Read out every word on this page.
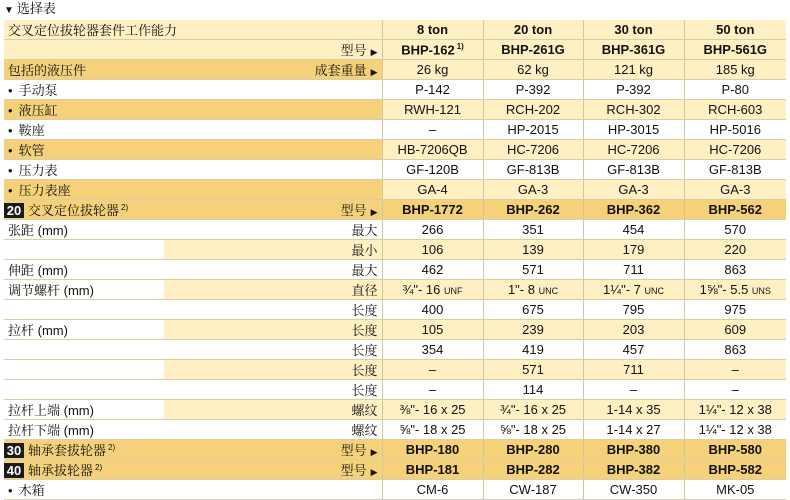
▼ 选择表
交叉定位拔轮器套件工作能力		8 ton	20 ton	30 ton	50 ton
型号 ▶		BHP-162 $^{1)}$	BHP-261G	BHP-361G	BHP-561G
包括的液压件	成套重量 ▶	26 kg	62 kg	121 kg	185 kg
• 手动泵		P-142	P-392	P-392	P-80
• 液压缸		RWH-121	RCH-202	RCH-302	RCH-603
• 鞍座		–	HP-2015	HP-3015	HP-5016
• 软管		HB-7206QB	HC-7206	HC-7206	HC-7206
• 压力表		GF-120B	GF-813B	GF-813B	GF-813B
• 压力表座		GA-4	GA-3	GA-3	GA-3
20 交叉定位拔轮器 $^{2)}$	型号 ▶	BHP-1772	BHP-262	BHP-362	BHP-562
张距 (mm)	最大	266	351	454	570
	最小	106	139	179	220
伸距 (mm)	最大	462	571	711	863
调节螺杆 (mm)	直径	¾"- 16 UNF	1"- 8 UNC	1¼"- 7 UNC	1⅝"- 5.5 UNS
	长度	400	675	795	975
拉杆 (mm)	长度	105	239	203	609
	长度	354	419	457	863
	长度	–	571	711	–
	长度	–	114	–	–
拉杆上端 (mm)	螺纹	⅜"- 16 x 25	¾"- 16 x 25	1-14 x 35	1¼"- 12 x 38
拉杆下端 (mm)	螺纹	⅝"- 18 x 25	⅝"- 18 x 25	1-14 x 27	1¼"- 12 x 38
30 轴承套拔轮器 $^{2)}$	型号 ▶	BHP-180	BHP-280	BHP-380	BHP-580
40 轴承拔轮器 $^{2)}$	型号 ▶	BHP-181	BHP-282	BHP-382	BHP-582
• 木箱		CM-6	CW-187	CW-350	MK-05
